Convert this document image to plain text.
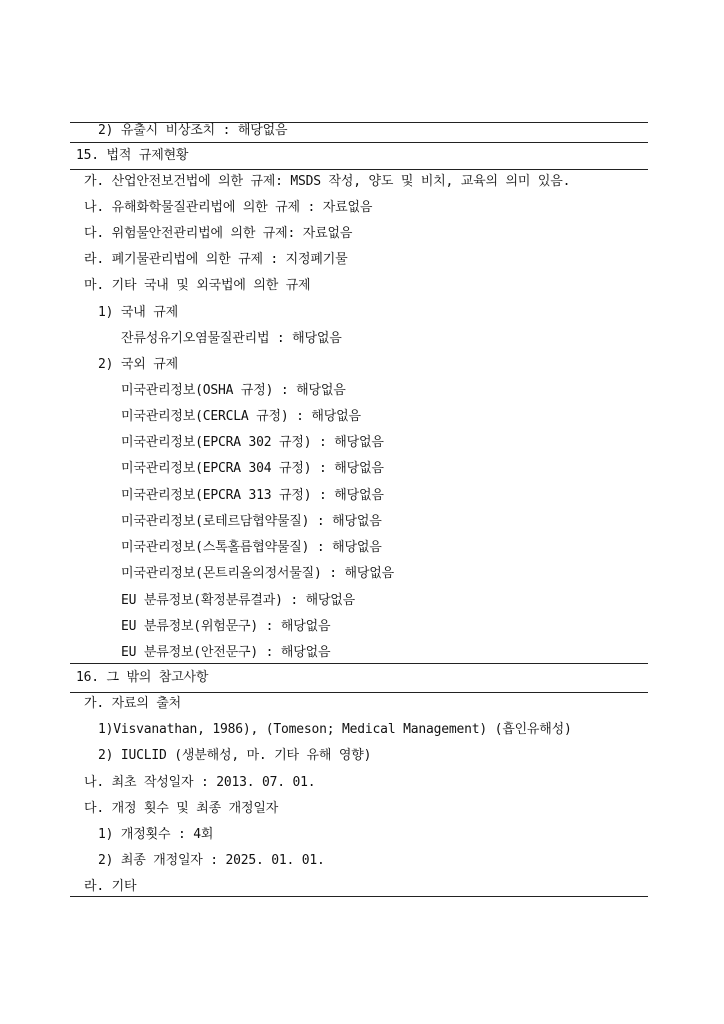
2) 유출시 비상조치 : 해당없음
15. 법적 규제현황
가. 산업안전보건법에 의한 규제: MSDS 작성, 양도 및 비치, 교육의 의미 있음.
나. 유해화학물질관리법에 의한 규제 : 자료없음
다. 위험물안전관리법에 의한 규제: 자료없음
라. 폐기물관리법에 의한 규제 : 지정폐기물
마. 기타 국내 및 외국법에 의한 규제
1) 국내 규제
잔류성유기오염물질관리법 : 해당없음
2) 국외 규제
미국관리정보(OSHA 규정) : 해당없음
미국관리정보(CERCLA 규정) : 해당없음
미국관리정보(EPCRA 302 규정) : 해당없음
미국관리정보(EPCRA 304 규정) : 해당없음
미국관리정보(EPCRA 313 규정) : 해당없음
미국관리정보(로테르담협약물질) : 해당없음
미국관리정보(스톡홀름협약물질) : 해당없음
미국관리정보(몬트리올의정서물질) : 해당없음
EU 분류정보(확정분류결과) : 해당없음
EU 분류정보(위험문구) : 해당없음
EU 분류정보(안전문구) : 해당없음
16. 그 밖의 참고사항
가. 자료의 출처
1)Visvanathan, 1986), (Tomeson; Medical Management) (흡인유해성)
2) IUCLID (생분해성, 마. 기타 유해 영향)
나. 최초 작성일자 : 2013. 07. 01.
다. 개정 횟수 및 최종 개정일자
1) 개정횟수 : 4회
2) 최종 개정일자 : 2025. 01. 01.
라. 기타
